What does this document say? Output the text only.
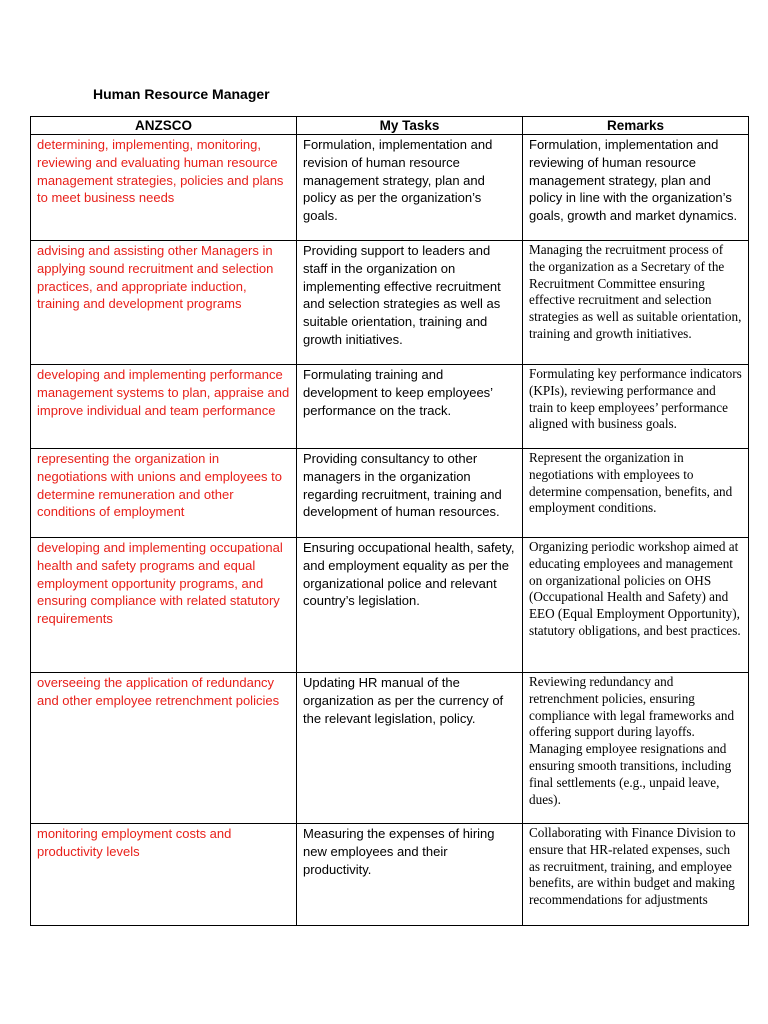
Human Resource Manager
ANZSCO	My Tasks	Remarks
determining, implementing, monitoring, reviewing and evaluating human resource management strategies, policies and plans to meet business needs	Formulation, implementation and revision of human resource management strategy, plan and policy as per the organization’s goals.	Formulation, implementation and reviewing of human resource management strategy, plan and policy in line with the organization’s goals, growth and market dynamics.
advising and assisting other Managers in applying sound recruitment and selection practices, and appropriate induction, training and development programs	Providing support to leaders and staff in the organization on implementing effective recruitment and selection strategies as well as suitable orientation, training and growth initiatives.	Managing the recruitment process of the organization as a Secretary of the Recruitment Committee ensuring effective recruitment and selection strategies as well as suitable orientation, training and growth initiatives.
developing and implementing performance management systems to plan, appraise and improve individual and team performance	Formulating training and development to keep employees’ performance on the track.	Formulating key performance indicators (KPIs), reviewing performance and train to keep employees’ performance aligned with business goals.
representing the organization in negotiations with unions and employees to determine remuneration and other conditions of employment	Providing consultancy to other managers in the organization regarding recruitment, training and development of human resources.	Represent the organization in negotiations with employees to determine compensation, benefits, and employment conditions.
developing and implementing occupational health and safety programs and equal employment opportunity programs, and ensuring compliance with related statutory requirements	Ensuring occupational health, safety, and employment equality as per the organizational police and relevant country’s legislation.	Organizing periodic workshop aimed at educating employees and management on organizational policies on OHS (Occupational Health and Safety) and EEO (Equal Employment Opportunity), statutory obligations, and best practices.
overseeing the application of redundancy and other employee retrenchment policies	Updating HR manual of the organization as per the currency of the relevant legislation, policy.	Reviewing redundancy and retrenchment policies, ensuring compliance with legal frameworks and offering support during layoffs. Managing employee resignations and ensuring smooth transitions, including final settlements (e.g., unpaid leave, dues).
monitoring employment costs and productivity levels	Measuring the expenses of hiring new employees and their productivity.	Collaborating with Finance Division to ensure that HR-related expenses, such as recruitment, training, and employee benefits, are within budget and making recommendations for adjustments
